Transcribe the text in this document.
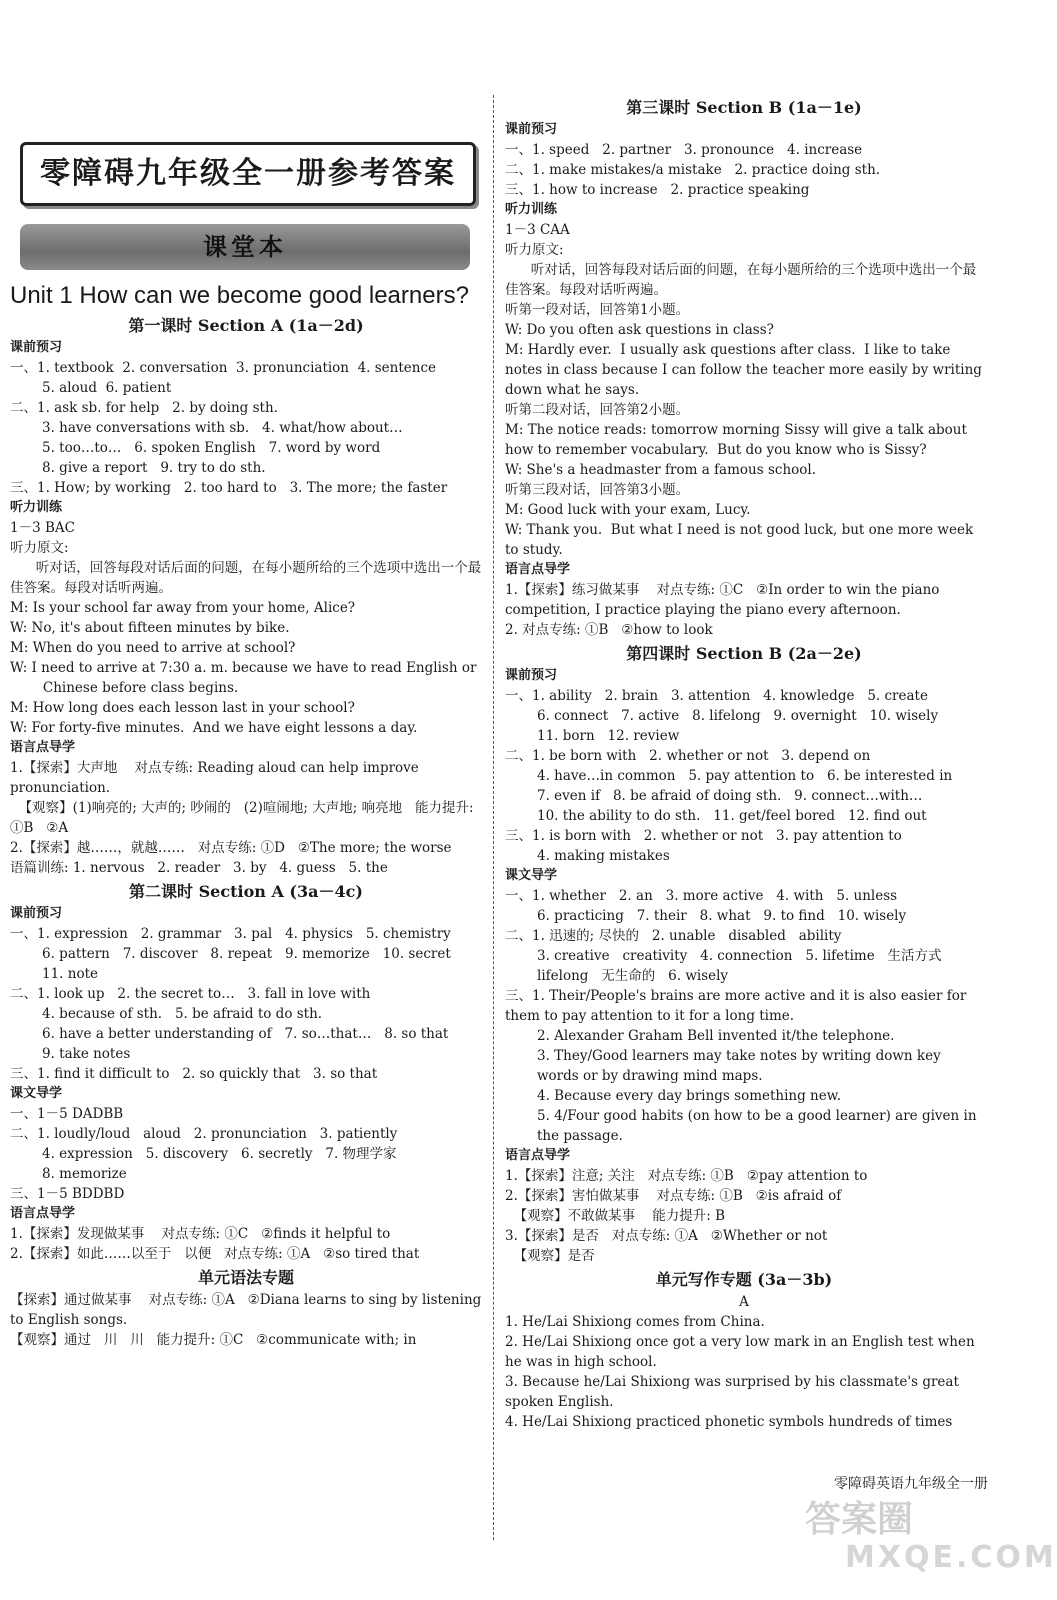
零障碍九年级全一册参考答案
课堂本
Unit 1 How can we become good learners?
第一课时 Section A (1a－2d)
课前预习
一、1. textbook  2. conversation  3. pronunciation  4. sentence
5. aloud  6. patient
二、1. ask sb. for help   2. by doing sth.
3. have conversations with sb.   4. what/how about…
5. too…to…   6. spoken English   7. word by word
8. give a report   9. try to do sth.
三、1. How; by working   2. too hard to   3. The more; the faster
听力训练
1－3 BAC
听力原文:
听对话，回答每段对话后面的问题，在每小题所给的三个选项中选出一个最佳答案。每段对话听两遍。
M: Is your school far away from your home, Alice?
W: No, it's about fifteen minutes by bike.
M: When do you need to arrive at school?
W: I need to arrive at 7:30 a. m. because we have to read English or
Chinese before class begins.
M: How long does each lesson last in your school?
W: For forty-five minutes.  And we have eight lessons a day.
语言点导学
1.【探索】大声地    对点专练: Reading aloud can help improve pronunciation.
【观察】(1)响亮的; 大声的; 吵闹的   (2)喧闹地; 大声地; 响亮地   能力提升: ①B   ②A
2.【探索】越……，就越……   对点专练: ①D   ②The more; the worse
语篇训练: 1. nervous   2. reader   3. by   4. guess   5. the
第二课时 Section A (3a－4c)
课前预习
一、1. expression   2. grammar   3. pal   4. physics   5. chemistry
6. pattern   7. discover   8. repeat   9. memorize   10. secret
11. note
二、1. look up   2. the secret to…   3. fall in love with
4. because of sth.   5. be afraid to do sth.
6. have a better understanding of   7. so…that…   8. so that
9. take notes
三、1. find it difficult to   2. so quickly that   3. so that
课文导学
一、1－5 DADBB
二、1. loudly/loud   aloud   2. pronunciation   3. patiently
4. expression   5. discovery   6. secretly   7. 物理学家
8. memorize
三、1－5 BDDBD
语言点导学
1.【探索】发现做某事    对点专练: ①C   ②finds it helpful to
2.【探索】如此……以至于   以便   对点专练: ①A   ②so tired that
单元语法专题
【探索】通过做某事    对点专练: ①A   ②Diana learns to sing by listening to English songs.
【观察】通过   川   川   能力提升: ①C   ②communicate with; in
第三课时 Section B (1a－1e)
课前预习
一、1. speed   2. partner   3. pronounce   4. increase
二、1. make mistakes/a mistake   2. practice doing sth.
三、1. how to increase   2. practice speaking
听力训练
1－3 CAA
听力原文:
听对话，回答每段对话后面的问题，在每小题所给的三个选项中选出一个最佳答案。每段对话听两遍。
听第一段对话，回答第1小题。
W: Do you often ask questions in class?
M: Hardly ever.  I usually ask questions after class.  I like to take notes in class because I can follow the teacher more easily by writing down what he says.
听第二段对话，回答第2小题。
M: The notice reads: tomorrow morning Sissy will give a talk about how to remember vocabulary.  But do you know who is Sissy?
W: She's a headmaster from a famous school.
听第三段对话，回答第3小题。
M: Good luck with your exam, Lucy.
W: Thank you.  But what I need is not good luck, but one more week to study.
语言点导学
1.【探索】练习做某事    对点专练: ①C   ②In order to win the piano competition, I practice playing the piano every afternoon.
2. 对点专练: ①B   ②how to look
第四课时 Section B (2a－2e)
课前预习
一、1. ability   2. brain   3. attention   4. knowledge   5. create
6. connect   7. active   8. lifelong   9. overnight   10. wisely
11. born   12. review
二、1. be born with   2. whether or not   3. depend on
4. have…in common   5. pay attention to   6. be interested in
7. even if   8. be afraid of doing sth.   9. connect…with…
10. the ability to do sth.   11. get/feel bored   12. find out
三、1. is born with   2. whether or not   3. pay attention to
4. making mistakes
课文导学
一、1. whether   2. an   3. more active   4. with   5. unless
6. practicing   7. their   8. what   9. to find   10. wisely
二、1. 迅速的; 尽快的   2. unable   disabled   ability
3. creative   creativity   4. connection   5. lifetime   生活方式
lifelong   无生命的   6. wisely
三、1. Their/People's brains are more active and it is also easier for them to pay attention to it for a long time.
2. Alexander Graham Bell invented it/the telephone.
3. They/Good learners may take notes by writing down key words or by drawing mind maps.
4. Because every day brings something new.
5. 4/Four good habits (on how to be a good learner) are given in the passage.
语言点导学
1.【探索】注意; 关注   对点专练: ①B   ②pay attention to
2.【探索】害怕做某事    对点专练: ①B   ②is afraid of
【观察】不敢做某事    能力提升: B
3.【探索】是否   对点专练: ①A   ②Whether or not
【观察】是否
单元写作专题 (3a－3b)
A
1. He/Lai Shixiong comes from China.
2. He/Lai Shixiong once got a very low mark in an English test when he was in high school.
3. Because he/Lai Shixiong was surprised by his classmate's great spoken English.
4. He/Lai Shixiong practiced phonetic symbols hundreds of times
零障碍英语九年级全一册
答案圈
MXQE.COM
